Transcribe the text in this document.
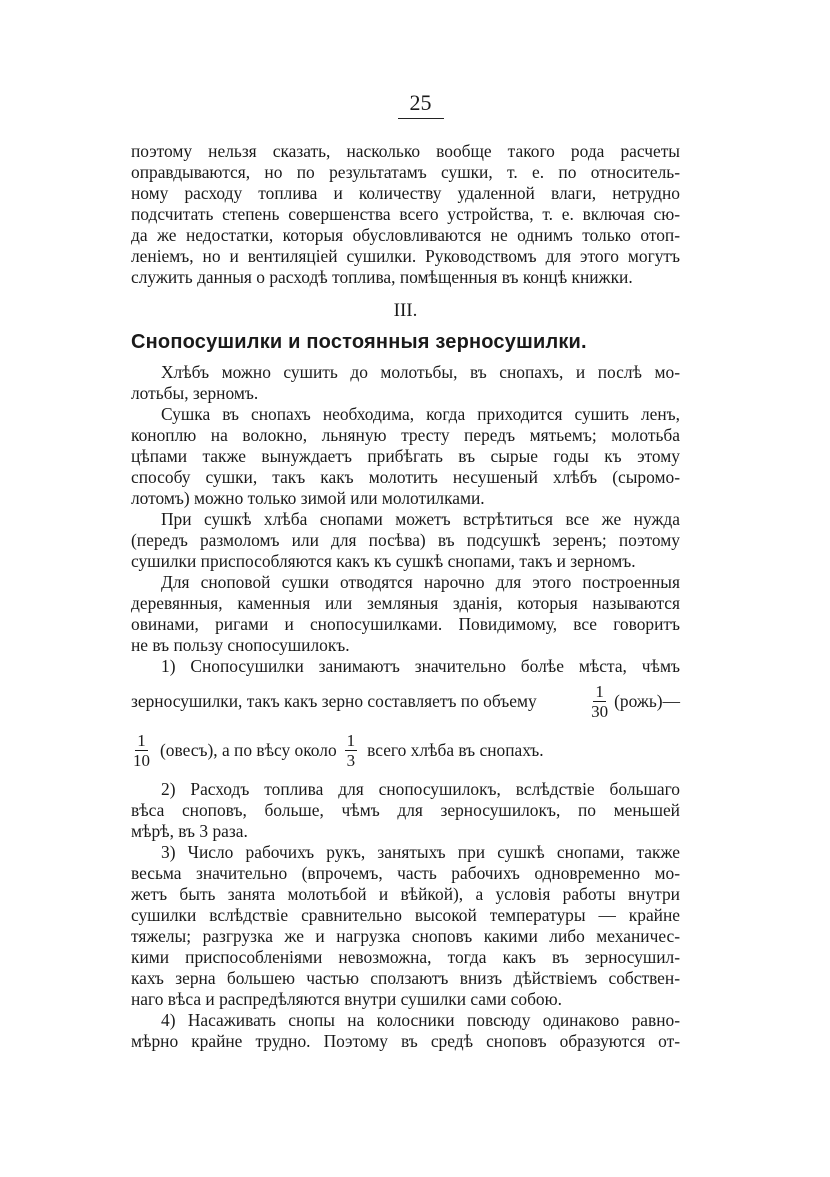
25
поэтому нельзя сказать, насколько вообще такого рода расчеты
оправдываются, но по результатамъ сушки, т. е. по относитель-
ному расходу топлива и количеству удаленной влаги, нетрудно
подсчитать степень совершенства всего устройства, т. е. включая сю-
да же недостатки, которыя обусловливаются не однимъ только отоп-
леніемъ, но и вентиляціей сушилки. Руководствомъ для этого могутъ
служить данныя о расходѣ топлива, помѣщенныя въ концѣ книжки.
III.
Снопосушилки и постоянныя зерносушилки.
Хлѣбъ можно сушить до молотьбы, въ снопахъ, и послѣ мо-
лотьбы, зерномъ.
Сушка въ снопахъ необходима, когда приходится сушить ленъ,
коноплю на волокно, льняную тресту передъ мятьемъ; молотьба
цѣпами также вынуждаетъ прибѣгать въ сырые годы къ этому
способу сушки, такъ какъ молотить несушеный хлѣбъ (сыромо-
лотомъ) можно только зимой или молотилками.
При сушкѣ хлѣба снопами можетъ встрѣтиться все же нужда
(передъ размоломъ или для посѣва) въ подсушкѣ зеренъ; поэтому
сушилки приспособляются какъ къ сушкѣ снопами, такъ и зерномъ.
Для сноповой сушки отводятся нарочно для этого построенныя
деревянныя, каменныя или земляныя зданія, которыя называются
овинами, ригами и снопосушилками. Повидимому, все говоритъ
не въ пользу снопосушилокъ.
1) Снопосушилки занимаютъ значительно болѣе мѣста, чѣмъ
зерносушилки, такъ какъ зерно составляетъ по объему	$\frac{1}{30}$ (рожь)—
$\frac{1}{10}$ (овесъ), а по вѣсу около $\frac{1}{3}$ всего хлѣба въ снопахъ.
2) Расходъ топлива для снопосушилокъ, вслѣдствіе большаго
вѣса сноповъ, больше, чѣмъ для зерносушилокъ, по меньшей
мѣрѣ, въ 3 раза.
3) Число рабочихъ рукъ, занятыхъ при сушкѣ снопами, также
весьма значительно (впрочемъ, часть рабочихъ одновременно мо-
жетъ быть занята молотьбой и вѣйкой), а условія работы внутри
сушилки вслѣдствіе сравнительно высокой температуры — крайне
тяжелы; разгрузка же и нагрузка сноповъ какими либо механичес-
кими приспособленіями невозможна, тогда какъ въ зерносушил-
кахъ зерна большею частью сползаютъ внизъ дѣйствіемъ собствен-
наго вѣса и распредѣляются внутри сушилки сами собою.
4) Насаживать снопы на колосники повсюду одинаково равно-
мѣрно крайне трудно. Поэтому въ средѣ сноповъ образуются от-
